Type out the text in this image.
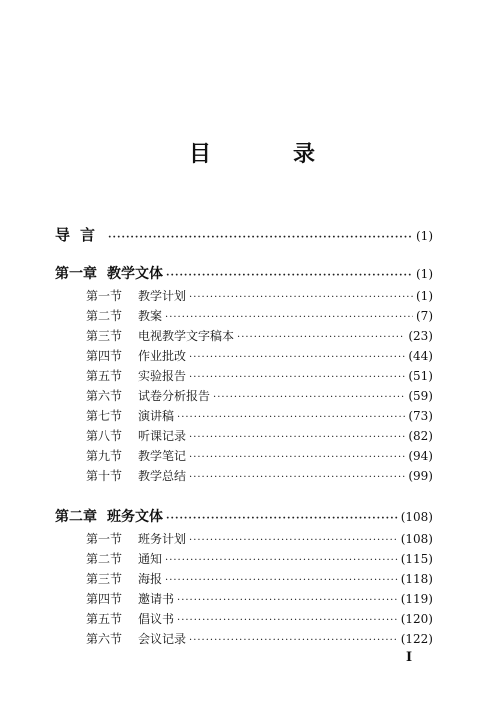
目　录
导言 ·····	(1)
第一章 教学文体 ·····	(1)
第一节	教学计划 ·····	(1)
第二节	教案 ·····	(7)
第三节	电视教学文字稿本 ·····	(23)
第四节	作业批改 ·····	(44)
第五节	实验报告 ·····	(51)
第六节	试卷分析报告 ·····	(59)
第七节	演讲稿 ·····	(73)
第八节	听课记录 ·····	(82)
第九节	教学笔记 ·····	(94)
第十节	教学总结 ·····	(99)
第二章 班务文体 ·····	(108)
第一节	班务计划 ·····	(108)
第二节	通知 ·····	(115)
第三节	海报 ·····	(118)
第四节	邀请书 ·····	(119)
第五节	倡议书 ·····	(120)
第六节	会议记录 ·····	(122)
I
